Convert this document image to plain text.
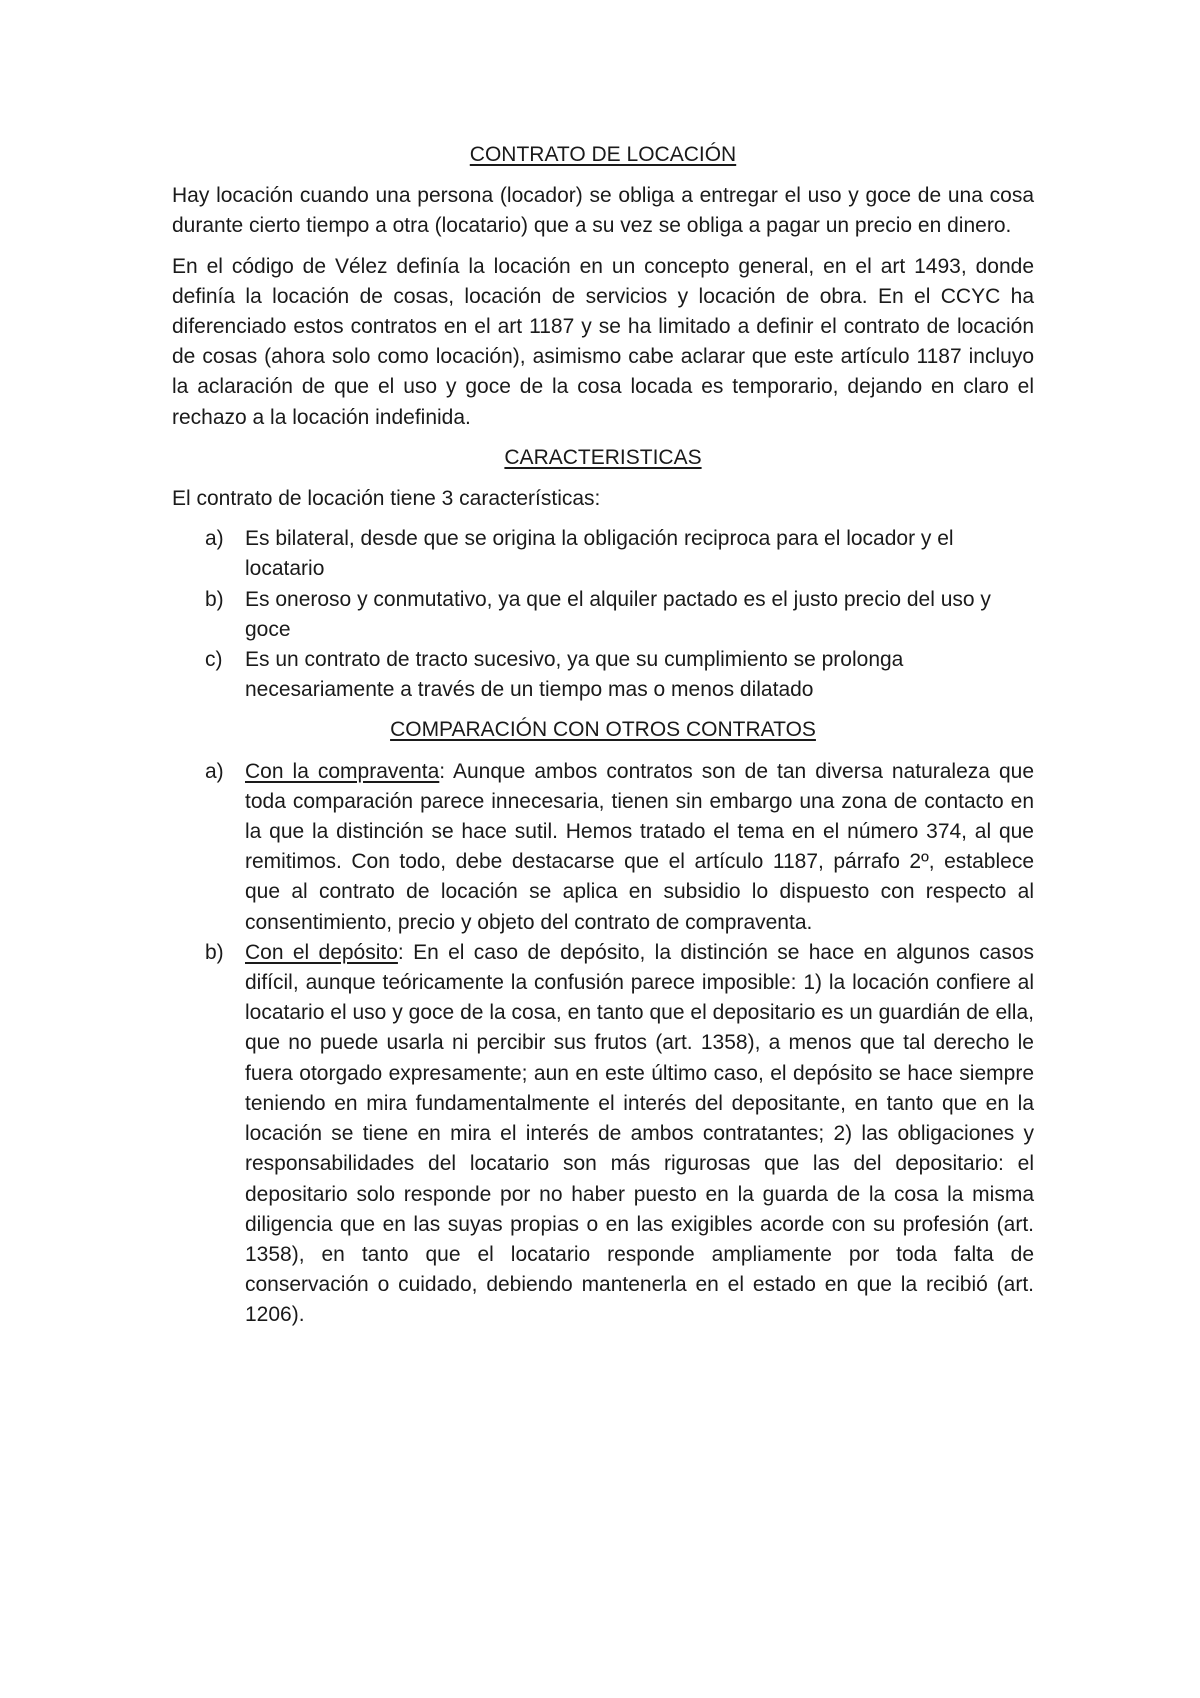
CONTRATO DE LOCACIÓN

Hay locación cuando una persona (locador) se obliga a entregar el uso y goce de una cosa durante cierto tiempo a otra (locatario) que a su vez se obliga a pagar un precio en dinero.

En el código de Vélez definía la locación en un concepto general, en el art 1493, donde definía la locación de cosas, locación de servicios y locación de obra. En el CCYC ha diferenciado estos contratos en el art 1187 y se ha limitado a definir el contrato de locación de cosas (ahora solo como locación), asimismo cabe aclarar que este artículo 1187 incluyo la aclaración de que el uso y goce de la cosa locada es temporario, dejando en claro el rechazo a la locación indefinida.

CARACTERISTICAS

El contrato de locación tiene 3 características:

a) Es bilateral, desde que se origina la obligación reciproca para el locador y el locatario
b) Es oneroso y conmutativo, ya que el alquiler pactado es el justo precio del uso y goce
c) Es un contrato de tracto sucesivo, ya que su cumplimiento se prolonga necesariamente a través de un tiempo mas o menos dilatado
COMPARACIÓN CON OTROS CONTRATOS
a) Con la compraventa: Aunque ambos contratos son de tan diversa naturaleza que toda comparación parece innecesaria, tienen sin embargo una zona de contacto en la que la distinción se hace sutil. Hemos tratado el tema en el número 374, al que remitimos. Con todo, debe destacarse que el artículo 1187, párrafo 2º, establece que al contrato de locación se aplica en subsidio lo dispuesto con respecto al consentimiento, precio y objeto del contrato de compraventa.
b) Con el depósito: En el caso de depósito, la distinción se hace en algunos casos difícil, aunque teóricamente la confusión parece imposible: 1) la locación confiere al locatario el uso y goce de la cosa, en tanto que el depositario es un guardián de ella, que no puede usarla ni percibir sus frutos (art. 1358), a menos que tal derecho le fuera otorgado expresamente; aun en este último caso, el depósito se hace siempre teniendo en mira fundamentalmente el interés del depositante, en tanto que en la locación se tiene en mira el interés de ambos contratantes; 2) las obligaciones y responsabilidades del locatario son más rigurosas que las del depositario: el depositario solo responde por no haber puesto en la guarda de la cosa la misma diligencia que en las suyas propias o en las exigibles acorde con su profesión (art. 1358), en tanto que el locatario responde ampliamente por toda falta de conservación o cuidado, debiendo mantenerla en el estado en que la recibió (art. 1206).
